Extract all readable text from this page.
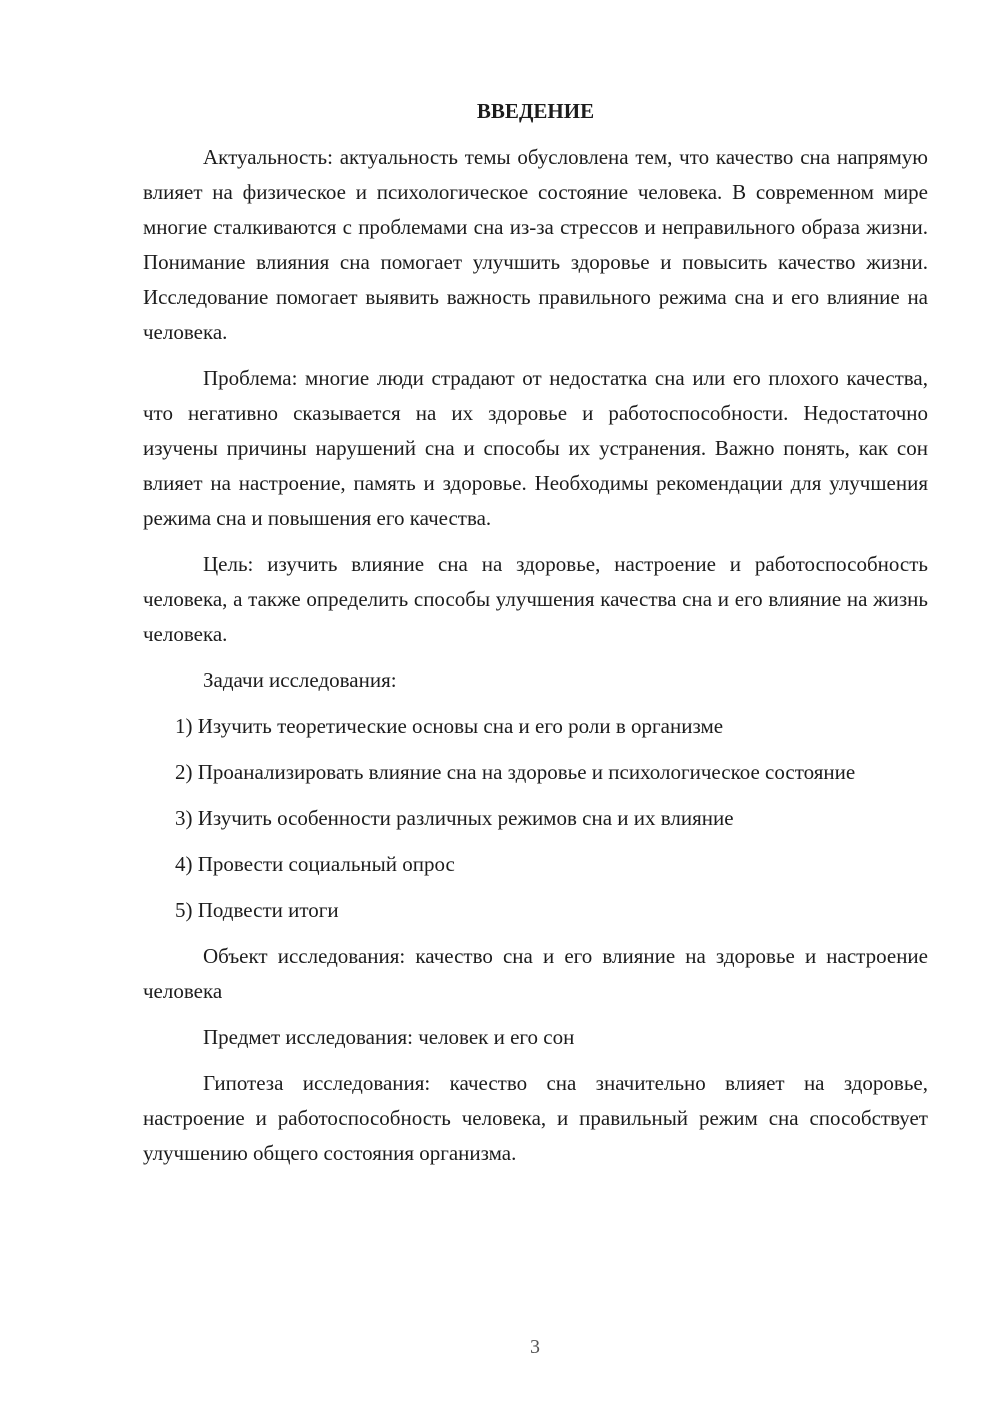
ВВЕДЕНИЕ

Актуальность: актуальность темы обусловлена тем, что качество сна напрямую влияет на физическое и психологическое состояние человека. В современном мире многие сталкиваются с проблемами сна из-за стрессов и неправильного образа жизни. Понимание влияния сна помогает улучшить здоровье и повысить качество жизни. Исследование помогает выявить важность правильного режима сна и его влияние на человека.

Проблема: многие люди страдают от недостатка сна или его плохого качества, что негативно сказывается на их здоровье и работоспособности. Недостаточно изучены причины нарушений сна и способы их устранения. Важно понять, как сон влияет на настроение, память и здоровье. Необходимы рекомендации для улучшения режима сна и повышения его качества.

Цель: изучить влияние сна на здоровье, настроение и работоспособность человека, а также определить способы улучшения качества сна и его влияние на жизнь человека.

Задачи исследования:

1) Изучить теоретические основы сна и его роли в организме

2) Проанализировать влияние сна на здоровье и психологическое состояние

3) Изучить особенности различных режимов сна и их влияние

4) Провести социальный опрос

5) Подвести итоги

Объект исследования: качество сна и его влияние на здоровье и настроение человека

Предмет исследования: человек и его сон

Гипотеза исследования: качество сна значительно влияет на здоровье, настроение и работоспособность человека, и правильный режим сна способствует улучшению общего состояния организма.

3
